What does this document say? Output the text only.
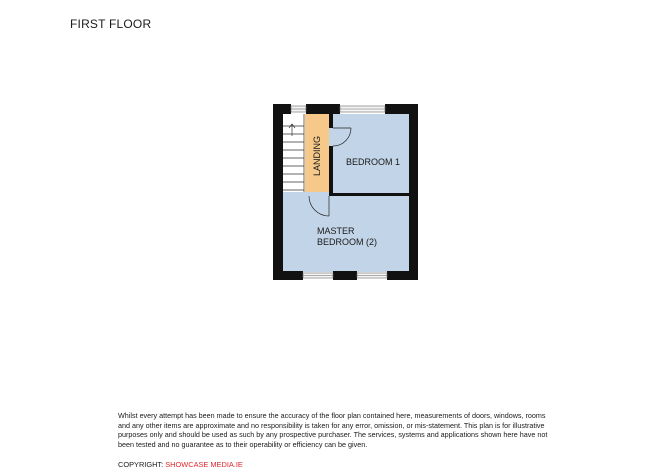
FIRST FLOOR
BEDROOM 1
MASTER
BEDROOM (2)
LANDING
Whilst every attempt has been made to ensure the accuracy of the floor plan contained here, measurements of doors, windows, rooms and any other items are approximate and no responsibility is taken for any error, omission, or mis-statement. This plan is for illustrative purposes only and should be used as such by any prospective purchaser. The services, systems and applications shown here have not been tested and no guarantee as to their operability or efficiency can be given.
COPYRIGHT: SHOWCASE MEDIA.IE
